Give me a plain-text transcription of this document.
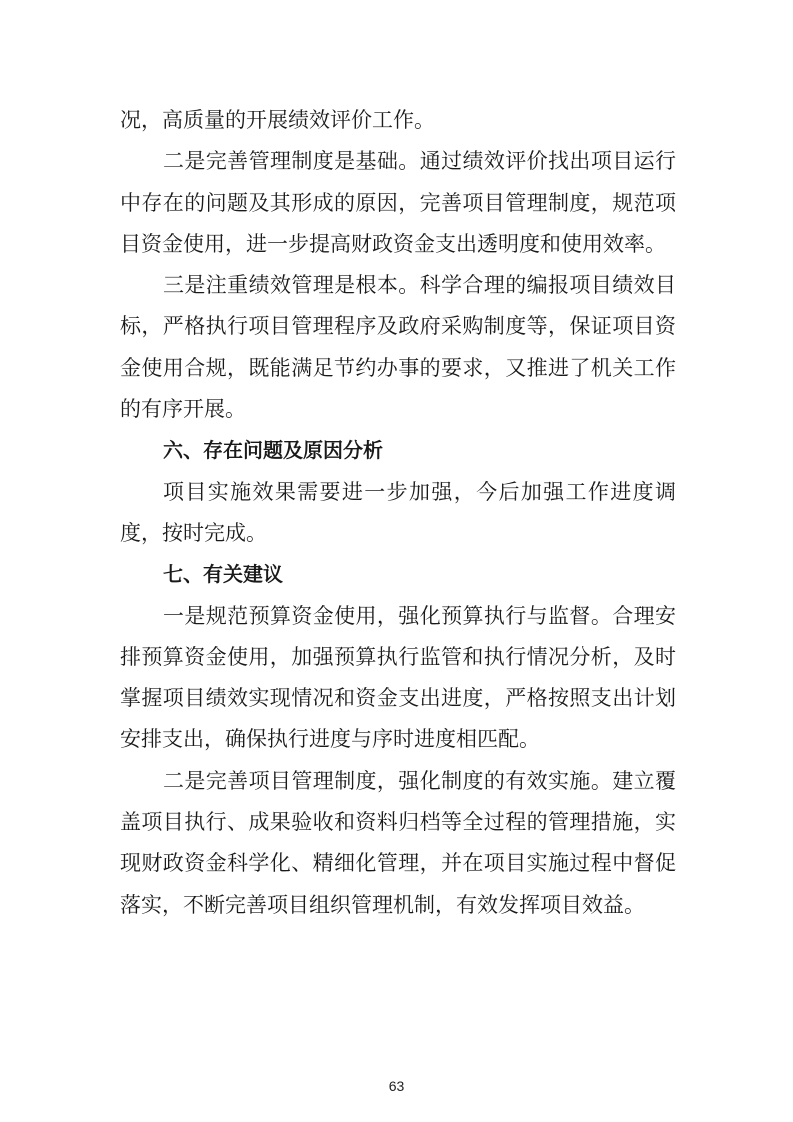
况，高质量的开展绩效评价工作。
二是完善管理制度是基础。通过绩效评价找出项目运行
中存在的问题及其形成的原因，完善项目管理制度，规范项
目资金使用，进一步提高财政资金支出透明度和使用效率。
三是注重绩效管理是根本。科学合理的编报项目绩效目
标，严格执行项目管理程序及政府采购制度等，保证项目资
金使用合规，既能满足节约办事的要求，又推进了机关工作
的有序开展。
六、存在问题及原因分析
项目实施效果需要进一步加强，今后加强工作进度调
度，按时完成。
七、有关建议
一是规范预算资金使用，强化预算执行与监督。合理安
排预算资金使用，加强预算执行监管和执行情况分析，及时
掌握项目绩效实现情况和资金支出进度，严格按照支出计划
安排支出，确保执行进度与序时进度相匹配。
二是完善项目管理制度，强化制度的有效实施。建立覆
盖项目执行、成果验收和资料归档等全过程的管理措施，实
现财政资金科学化、精细化管理，并在项目实施过程中督促
落实，不断完善项目组织管理机制，有效发挥项目效益。
63
